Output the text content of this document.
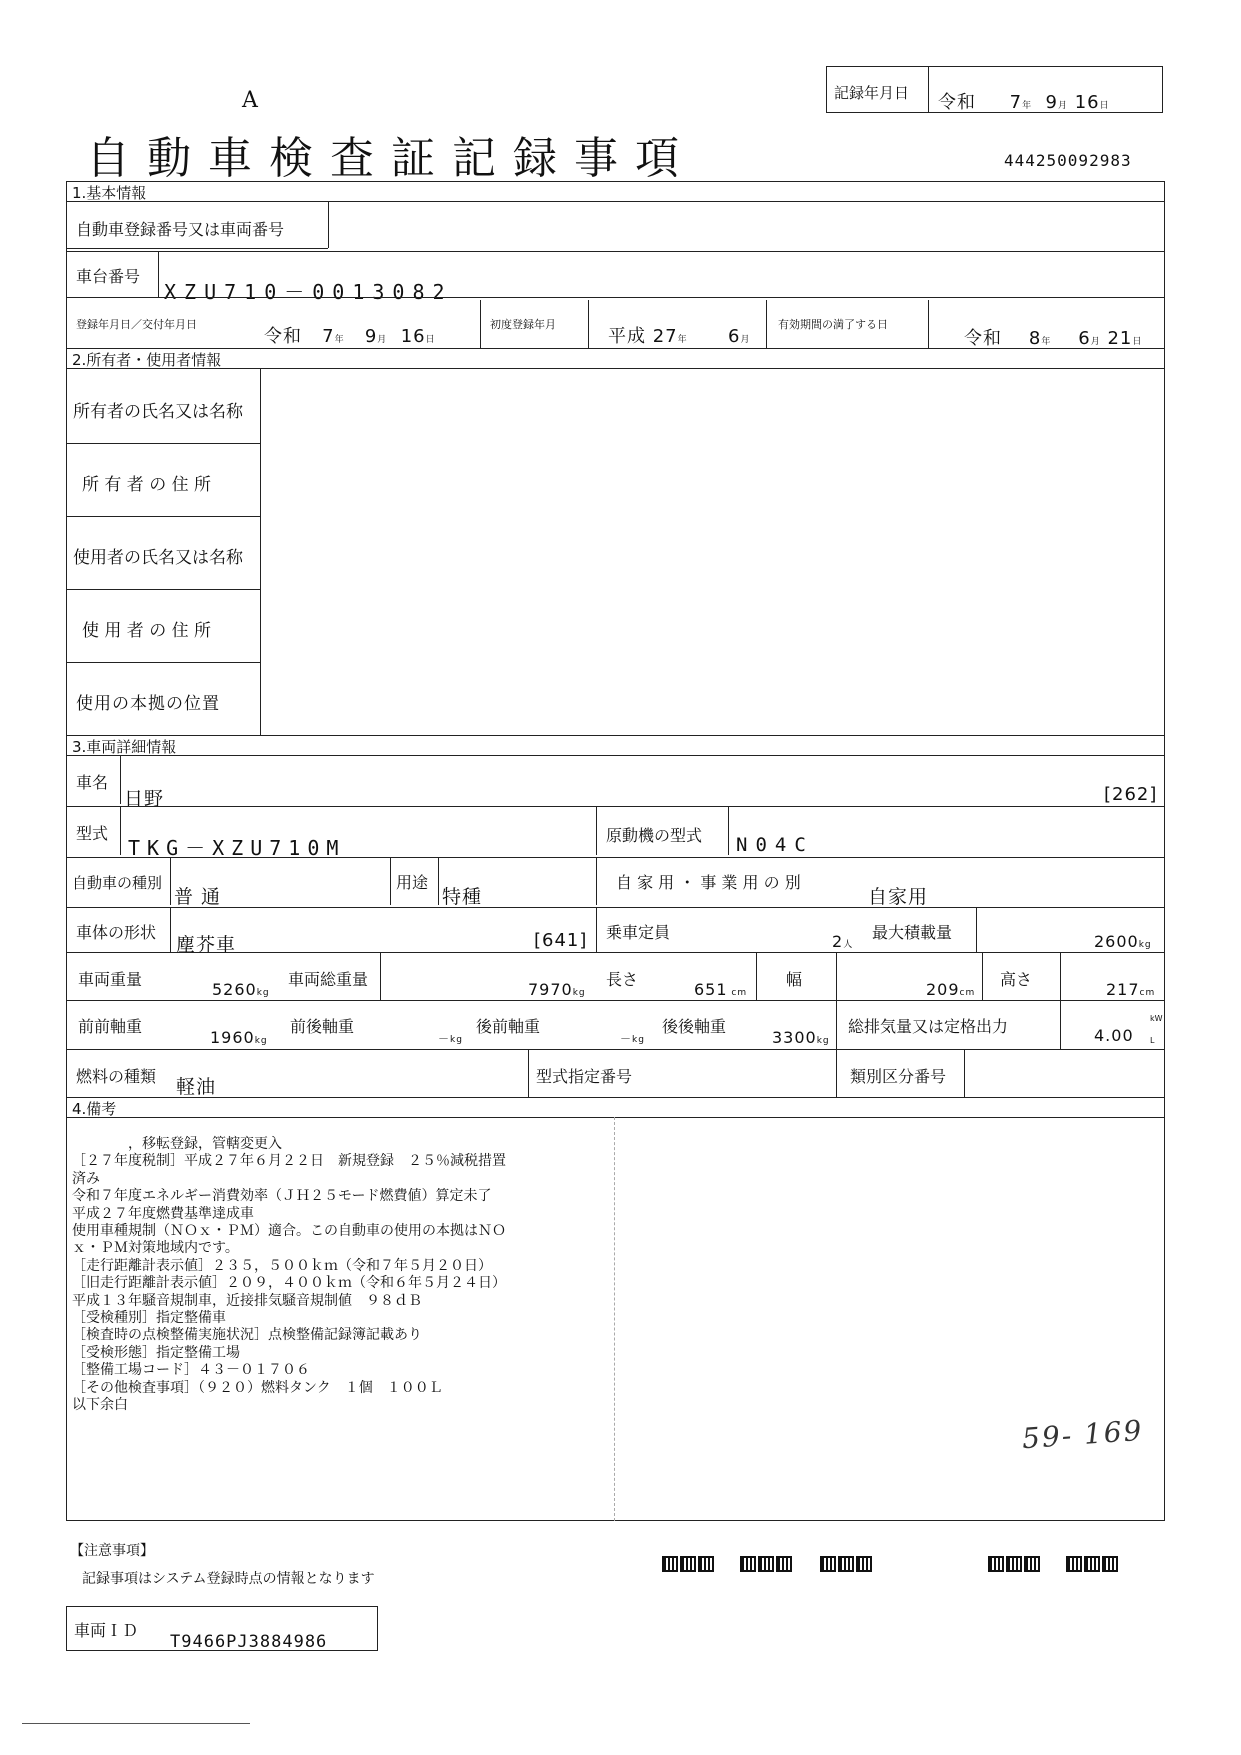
A
自動車検査証記録事項
記録年月日 令和 7年 9月 16日
444250092983
1.基本情報
自動車登録番号又は車両番号
車台番号
XZU710－0013082
登録年月日／交付年月日
令和 7年 9月 16日
初度登録年月
平成 27年 6月
有効期間の満了する日
令和 8年 6月 21日
2.所有者・使用者情報
所有者の氏名又は名称
所 有 者 の 住 所
使用者の氏名又は名称
使 用 者 の 住 所
使用の本拠の位置
3.車両詳細情報
車名
日野	[262]
型式
TKG－XZU710M
原動機の型式 N04C
自動車の種別
普 通
用途
特種
自 家 用 ・ 事 業 用 の 別
自家用
車体の形状
塵芥車	[641] 乗車定員	2人
最大積載量	2600kg
車両重量
5260kg
車両総重量
7970kg
長さ
651 cm
幅
209cm
高さ
217cm
前前軸重
1960kg
前後軸重
－kg
後前軸重
－kg
後後軸重
3300kg
総排気量又は定格出力	4.00
kW
L
燃料の種類 軽油	型式指定番号	類別区分番号
4.備考
　　　　，移転登録，管轄変更入
［２７年度税制］平成２７年６月２２日　新規登録　２５％減税措置
済み
令和７年度エネルギー消費効率（ＪＨ２５モード燃費値）算定未了
平成２７年度燃費基準達成車
使用車種規制（ＮＯｘ・ＰＭ）適合。この自動車の使用の本拠はＮＯ
ｘ・ＰＭ対策地域内です。
［走行距離計表示値］２３５，５００ｋｍ（令和７年５月２０日）
［旧走行距離計表示値］２０９，４００ｋｍ（令和６年５月２４日）
平成１３年騒音規制車，近接排気騒音規制値　９８ｄＢ
［受検種別］指定整備車
［検査時の点検整備実施状況］点検整備記録簿記載あり
［受検形態］指定整備工場
［整備工場コード］４３－０１７０６
［その他検査事項］（９２０）燃料タンク　１個　１００Ｌ
以下余白
59- 169
【注意事項】
記録事項はシステム登録時点の情報となります
車両ＩＤ
T9466PJ3884986
